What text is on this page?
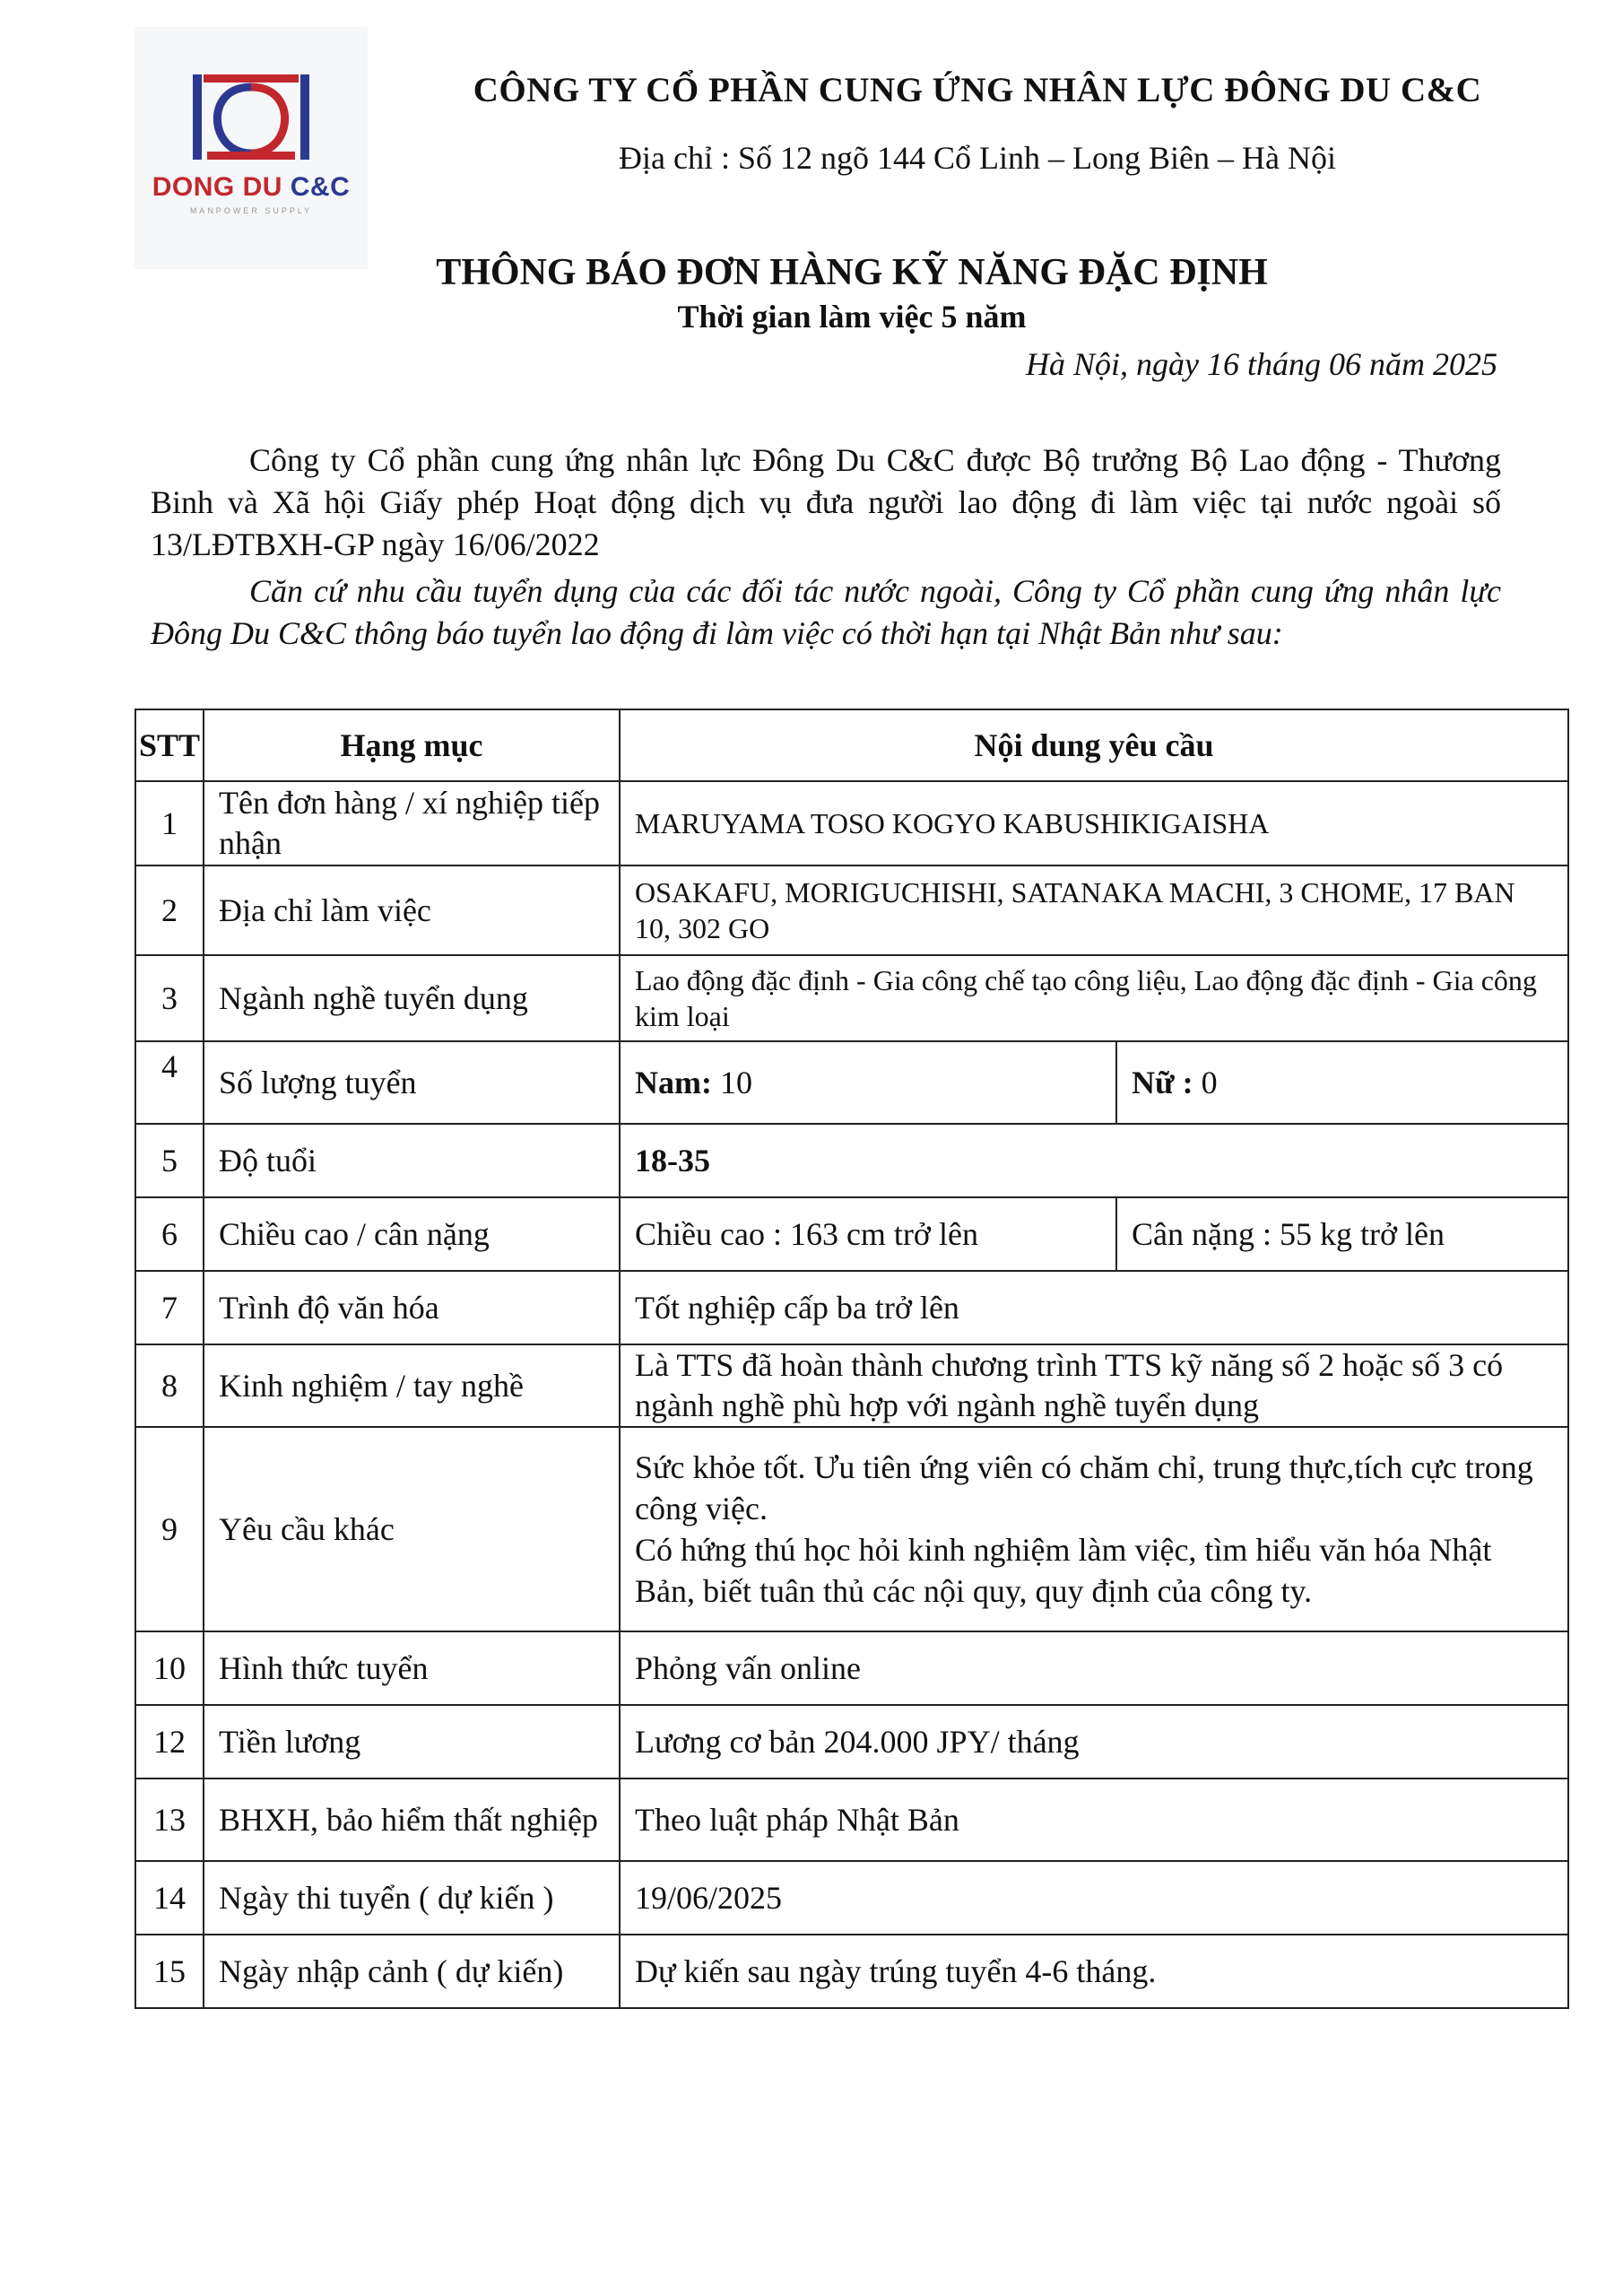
DONG DU C&C
MANPOWER SUPPLY
CÔNG TY CỔ PHẦN CUNG ỨNG NHÂN LỰC ĐÔNG DU C&C
Địa chỉ : Số 12 ngõ 144 Cổ Linh – Long Biên – Hà Nội
THÔNG BÁO ĐƠN HÀNG KỸ NĂNG ĐẶC ĐỊNH
Thời gian làm việc 5 năm
Hà Nội, ngày 16 tháng 06 năm 2025
Công ty Cổ phần cung ứng nhân lực Đông Du C&C được Bộ trưởng Bộ Lao động - Thương Binh và Xã hội Giấy phép Hoạt động dịch vụ đưa người lao động đi làm việc tại nước ngoài số 13/LĐTBXH-GP ngày 16/06/2022
Căn cứ nhu cầu tuyển dụng của các đối tác nước ngoài, Công ty Cổ phần cung ứng nhân lực Đông Du C&C thông báo tuyển lao động đi làm việc có thời hạn tại Nhật Bản như sau:
STT	Hạng mục	Nội dung yêu cầu	
1	Tên đơn hàng / xí nghiệp tiếp nhận	MARUYAMA TOSO KOGYO KABUSHIKIGAISHA	
2	Địa chỉ làm việc	OSAKAFU, MORIGUCHISHI, SATANAKA MACHI, 3 CHOME, 17 BAN 10, 302 GO	
3	Ngành nghề tuyển dụng	Lao động đặc định - Gia công chế tạo công liệu, Lao động đặc định - Gia công kim loại	
4	Số lượng tuyển	Nam: 10	Nữ : 0
5	Độ tuổi	18-35	
6	Chiều cao / cân nặng	Chiều cao : 163 cm trở lên	Cân nặng : 55 kg trở lên
7	Trình độ văn hóa	Tốt nghiệp cấp ba trở lên	
8	Kinh nghiệm / tay nghề	Là TTS đã hoàn thành chương trình TTS kỹ năng số 2 hoặc số 3 có ngành nghề phù hợp với ngành nghề tuyển dụng	
9	Yêu cầu khác	Sức khỏe tốt. Ưu tiên ứng viên có chăm chỉ, trung thực,tích cực trong công việc.
Có hứng thú học hỏi kinh nghiệm làm việc, tìm hiểu văn hóa Nhật Bản, biết tuân thủ các nội quy, quy định của công ty.	

10	Hình thức tuyển	Phỏng vấn online	
12	Tiền lương	Lương cơ bản 204.000 JPY/ tháng	
13	BHXH, bảo hiểm thất nghiệp	Theo luật pháp Nhật Bản	
14	Ngày thi tuyển ( dự kiến )	19/06/2025	
15	Ngày nhập cảnh ( dự kiến)	Dự kiến sau ngày trúng tuyển 4-6 tháng.	
